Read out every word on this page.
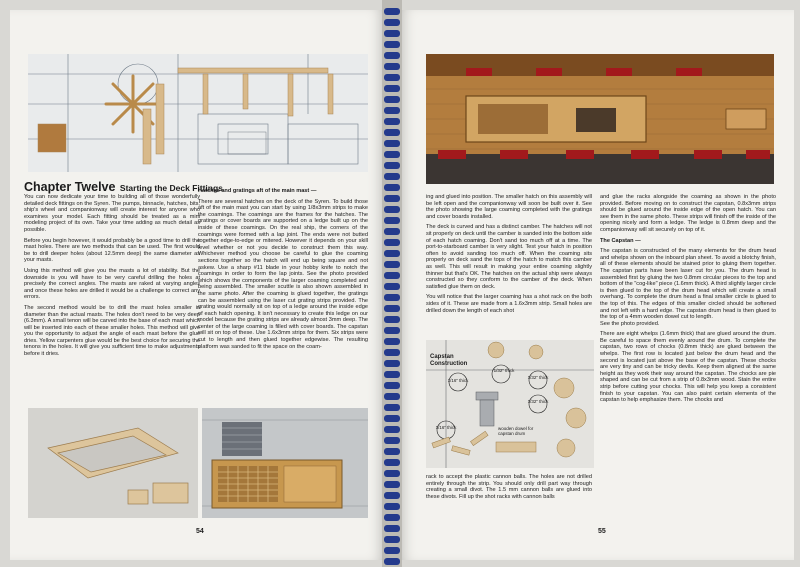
Chapter Twelve Starting the Deck Fittings

You can now dedicate your time to building all of those wonderfully detailed deck fittings on the Syren. The pumps, binnacle, hatches, bits, ship's wheel and companionway will create interest for anyone who examines your model. Each fitting should be treated as a mini modeling project of its own. Take your time adding as much detail as possible.

Before you begin however, it would probably be a good time to drill the mast holes. There are two methods that can be used. The first would be to drill deeper holes (about 12.5mm deep) the same diameter as your masts.

Using this method will give you the masts a lot of stability. But the downside is you will have to be very careful drilling the holes at precisely the correct angles. The masts are raked at varying angles and once these holes are drilled it would be a challenge to correct any errors.

The second method would be to drill the mast holes smaller in diameter than the actual masts. The holes don't need to be very deep (6.3mm). A small tenon will be carved into the base of each mast which will be inserted into each of these smaller holes. This method will give you the opportunity to adjust the angle of each mast before the glue dries. Yellow carpenters glue would be the best choice for securing the tenons in the holes. It will give you sufficient time to make adjustments before it dries.

Hatches and gratings aft of the main mast —

There are several hatches on the deck of the Syren. To build those aft of the main mast you can start by using 1/8x3mm strips to make the coamings. The coamings are the frames for the hatches. The gratings or cover boards are supported on a ledge built up on the inside of these coamings. On the real ship, the corners of the coamings were formed with a lap joint. The ends were not butted together edge-to-edge or mitered. However it depends on your skill level whether or not you decide to construct them this way. Whichever method you choose be careful to glue the coaming sections together so the hatch will end up being square and not askew. Use a sharp #11 blade in your hobby knife to notch the coamings in order to form the lap joints. See the photo provided which shows the components of the larger coaming completed and being assembled. The smaller scuttle is also shown assembled in the same photo. After the coaming is glued together, the gratings can be assembled using the laser cut grating strips provided. The grating would normally sit on top of a ledge around the inside edge of each hatch opening. It isn't necessary to create this ledge on our model because the grating strips are already almost 3mm deep. The center of the large coaming is filled with cover boards. The capstan will sit on top of these. Use 1.6x3mm strips for them. Six strips were cut to length and then glued together edgewise. The resulting platform was sanded to fit the space on the coam-

54

ing and glued into position. The smaller hatch on this assembly will be left open and the companionway will soon be built over it. See the photo showing the large coaming completed with the gratings and cover boards installed.

The deck is curved and has a distinct camber. The hatches will not sit properly on deck until the camber is sanded into the bottom side of each hatch coaming. Don't sand too much off at a time. The port-to-starboard camber is very slight. Test your hatch in position often to avoid sanding too much off. When the coaming sits properly on deck sand the tops of the hatch to match this camber as well. This will result in making your entire coaming slightly thinner but that's OK. The hatches on the actual ship were always constructed so they conform to the camber of the deck. When satisfied glue them on deck.

You will notice that the larger coaming has a shot rack on the both sides of it. These are made from a 1.6x3mm strip. Small holes are drilled down the length of each shot

Capstan Construction
1/32" thick
1/32" thick
1/16" thick
1/32" thick
1/16" thick	wooden dowel for capstan drum

rack to accept the plastic cannon balls. The holes are not drilled entirely through the strip. You should only drill part way through creating a small divot. The 1.5 mm cannon balls are glued into these divots. Fill up the shot racks with cannon balls

and glue the racks alongside the coaming as shown in the photo provided. Before moving on to construct the capstan, 0.8x3mm strips should be glued around the inside edge of the open hatch. You can see them in the same photo. These strips will finish off the inside of the opening nicely and form a ledge. The ledge is 0.8mm deep and the companionway will sit securely on top of it.

The Capstan —

The capstan is constructed of the many elements for the drum head and whelps shown on the inboard plan sheet. To avoid a blotchy finish, all of these elements should be stained prior to gluing them together. The capstan parts have been laser cut for you. The drum head is assembled first by gluing the two 0.8mm circular pieces to the top and bottom of the "cog-like" piece (1.6mm thick). A third slightly larger circle is then glued to the top of the drum head which will create a small overhang. To complete the drum head a final smaller circle is glued to the top of this. The edges of this smaller circled should be softened and not left with a hard edge. The capstan drum head is then glued to the top of a 4mm wooden dowel cut to length.

See the photo provided.

There are eight whelps (1.6mm thick) that are glued around the drum. Be careful to space them evenly around the drum. To complete the capstan, two rows of chocks (0.8mm thick) are glued between the whelps. The first row is located just below the drum head and the second is located just above the base of the capstan. These chocks are very tiny and can be tricky devils. Keep them aligned at the same height as they work their way around the capstan. The chocks are pie shaped and can be cut from a strip of 0.8x3mm wood. Stain the entire strip before cutting your chocks. This will help you keep a consistent finish to your capstan. You can also paint certain elements of the capstan to help emphasize them. The chocks and

55
